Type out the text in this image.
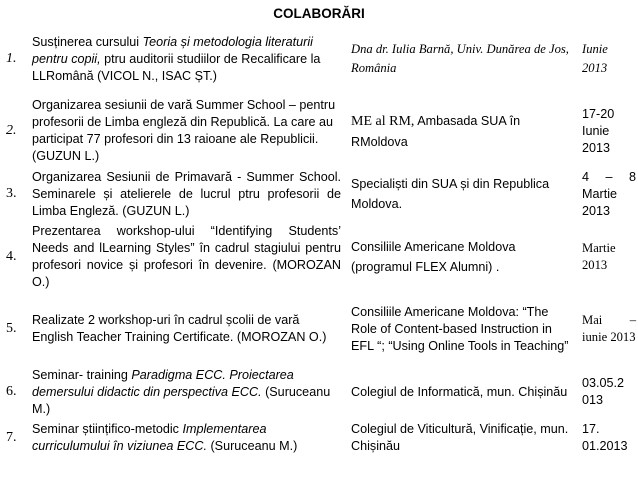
COLABORĂRI
1.	Susținerea cursului Teoria și metodologia literaturii pentru copii, ptru auditorii studiilor de Recalificare la LLRomână (VICOL N., ISAC ȘT.)	Dna dr. Iulia Barnă, Univ. Dunărea de Jos, România	Iunie 2013
2.	Organizarea sesiunii de vară Summer School – pentru profesorii de Limba engleză din Republică. La care au participat 77 profesori din 13 raioane ale Republicii. (GUZUN L.)	ME al RM, Ambasada SUA în RMoldova	17-20 Iunie 2013
3.	Organizarea Sesiunii de Primavară - Summer School. Seminarele și atelierele de lucrul ptru profesorii de Limba Engleză. (GUZUN L.)	Specialiști din SUA și din Republica Moldova.	4 – 8 Martie 2013
4.	Prezentarea workshop-ului “Identifying Students’ Needs and lLearning Styles” în cadrul stagiului pentru profesori novice și profesori în devenire. (MOROZAN O.)	Consiliile Americane Moldova (programul FLEX Alumni) .	Martie 2013
5.	Realizate 2 workshop-uri în cadrul școlii de vară English Teacher Training Certificate. (MOROZAN O.)	Consiliile Americane Moldova: “The Role of Content-based Instruction in EFL “; “Using Online Tools in Teaching”	Mai – iunie 2013
6.	Seminar- training Paradigma ECC. Proiectarea demersului didactic din perspectiva ECC. (Suruceanu M.)	Colegiul de Informatică, mun. Chișinău	03.05.2 013
7.	Seminar științifico-metodic Implementarea curriculumului în viziunea ECC. (Suruceanu M.)	Colegiul de Viticultură, Vinificație, mun. Chișinău	17. 01.2013
